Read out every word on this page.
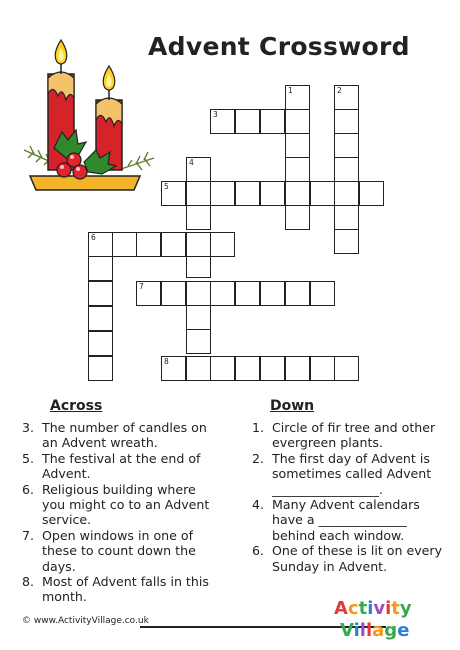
Advent Crossword
1	2
3
4
5
6
7
8
Across
3. The number of candles on an Advent wreath.
5. The festival at the end of Advent.
6. Religious building where you might co to an Advent service.
7. Open windows in one of these to count down the days.
8. Most of Advent falls in this month.
Down
1. Circle of fir tree and other evergreen plants.
2. The first day of Advent is sometimes called Advent _________________.
4. Many Advent calendars have a ______________ behind each window.
6. One of these is lit on every Sunday in Advent.
© www.ActivityVillage.co.uk
Activity
Village
